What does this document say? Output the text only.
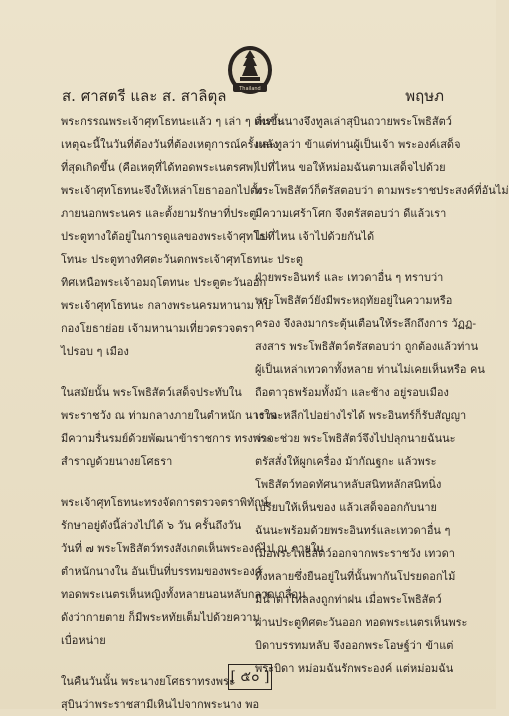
Thailand
ส. ศาสตรี และ ส. สาลิตุล	พฤษภ
พระกรรณพระเจ้าศุทโธทนะแล้ว ๆ เล่า ๆ เพราะ
เหตุฉะนี้ในวันที่ต้องวันที่ต้องเหตุการณ์ครั้งหลัง
ที่สุดเกิดขึ้น (คือเหตุที่ได้ทอดพระเนตรศพ)
พระเจ้าศุทโธทนะจึงให้เหล่าโยธาออกไปตั้ง
ภายนอกพระนคร และตั้งยามรักษาที่ประตู
ประตูทางใต้อยู่ในการดูแลของพระเจ้าศุทโธ-
โทนะ ประตูทางทิศตะวันตกพระเจ้าศุทโธทนะ ประตู
ทิศเหนือพระเจ้าอมฤโตทนะ ประตูตะวันออก
พระเจ้าศุทโธทนะ กลางพระนครมหานาม กับ
กองโยธาย่อย เจ้ามหานามเที่ยวตรวจตรา
ไปรอบ ๆ เมือง
ในสมัยนั้น พระโพธิสัตว์เสด็จประทับใน
พระราชวัง ณ ท่ามกลางภายในตำหนัก นางใน
มีความรื่นรมย์ด้วยพัฒนาข้าราชการ ทรงพระ
สำราญด้วยนางยโศธรา
พระเจ้าศุทโธทนะทรงจัดการตรวจตราพิทักษ์
รักษาอยู่ดังนี้ล่วงไปได้ ๖ วัน ครั้นถึงวัน
วันที่ ๗ พระโพธิสัตว์ทรงสังเกตเห็นพระองค์ไป ณ ภายใน
ตำหนักนางใน อันเป็นที่บรรทมของพระองค์
ทอดพระเนตรเห็นหญิงทั้งหลายนอนหลับกลาดเกลื่อน
ดังว่ากายตาย ก็มีพระหทัยเต็มไปด้วยความ
เบื่อหน่าย
ในคืนวันนั้น พระนางยโศธราทรงพระ
สุบินว่าพระราชสามีเหินไปจากพระนาง พอ
ตื่นขึ้นนางจึงทูลเล่าสุบินถวายพระโพธิสัตว์
และทูลว่า ข้าแต่ท่านผู้เป็นเจ้า พระองค์เสด็จ
ไปที่ไหน ขอให้หม่อมฉันตามเสด็จไปด้วย
พระโพธิสัตว์ก็ตรัสตอบว่า ตามพระราชประสงค์ที่อันไม่
มีความเศร้าโศก จึงตรัสตอบว่า ดีแล้วเรา
ไปที่ไหน เจ้าไปด้วยกันได้
ฝ่ายพระอินทร์ และ เทวดาอื่น ๆ ทราบว่า
พระโพธิสัตว์ยังมีพระหฤทัยอยู่ในความหรือ
ครอง จึงลงมากระตุ้นเตือนให้ระลึกถึงการ วัฏฏ-
สงสาร พระโพธิสัตว์ตรัสตอบว่า ถูกต้องแล้วท่าน
ผู้เป็นเหล่าเทวดาทั้งหลาย ท่านไม่เคยเห็นหรือ คน
ถือตาวุธพร้อมทั้งม้า และช้าง อยู่รอบเมือง
เราจะหลีกไปอย่างไรได้ พระอินทร์ก็รับสัญญา
ว่าจะช่วย พระโพธิสัตว์จึงไปปลุกนายฉันนะ
ตรัสสั่งให้ผูกเครื่อง ม้ากัณฐกะ แล้วพระ
โพธิสัตว์ทอดทัศนาหลับสนิทหลักสนิทนิ่ง
เปรียบให้เห็นของ แล้วเสด็จออกกับนาย
ฉันนะพร้อมด้วยพระอินทร์และเทวดาอื่น ๆ
เมื่อพระโพธิสัตว์ออกจากพระราชวัง เทวดา
ทั้งหลายซึ่งยืนอยู่ในที่นั้นพากันโปรยดอกไม้
มีน้ำตาไหลลงถูกท่าฝน เมื่อพระโพธิสัตว์
ผ่านประตูทิศตะวันออก ทอดพระเนตรเห็นพระ
บิดาบรรทมหลับ จึงออกพระโอษฐ์ว่า ข้าแต่
พระบิดา หม่อมฉันรักพระองค์ แต่หม่อมฉัน
[ ๕๐ ]
